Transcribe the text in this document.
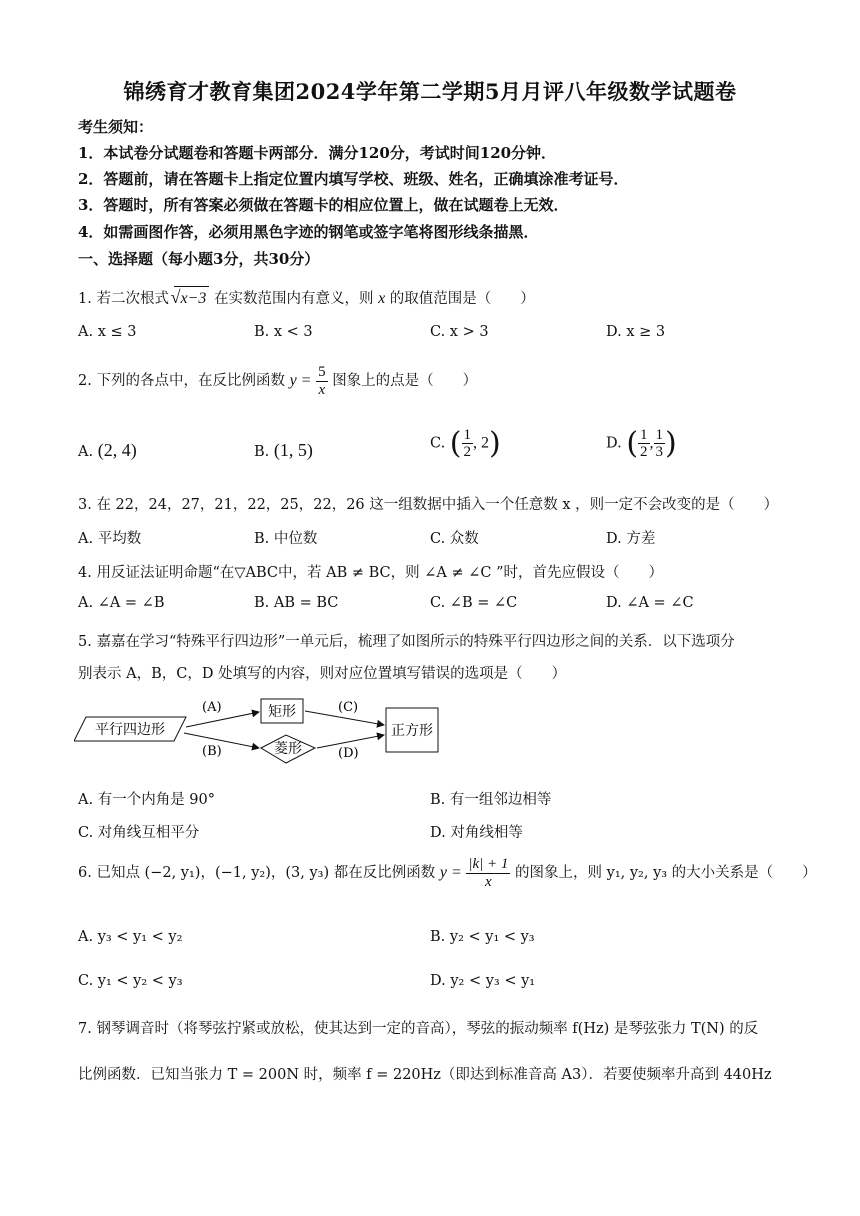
锦绣育才教育集团2024学年第二学期5月月评八年级数学试题卷
考生须知：
1．本试卷分试题卷和答题卡两部分．满分120分，考试时间120分钟．
2．答题前，请在答题卡上指定位置内填写学校、班级、姓名，正确填涂准考证号．
3．答题时，所有答案必须做在答题卡的相应位置上，做在试题卷上无效．
4．如需画图作答，必须用黑色字迹的钢笔或签字笔将图形线条描黑．
一、选择题（每小题3分，共30分）
1. 若二次根式 √x−3 在实数范围内有意义，则 x 的取值范围是（　　）
A. x ≤ 3	B. x < 3	C. x > 3	D. x ≥ 3
2. 下列的各点中，在反比例函数 $y = \frac{5}{x}$ 图象上的点是（　　）
A. (2, 4)	B. (1, 5)	C. ( $\frac{1}{2}$ , 2)	D. ( $\frac{1}{2}$ , $\frac{1}{3}$ )
3. 在 22，24，27，21，22，25，22，26 这一组数据中插入一个任意数 x ，则一定不会改变的是（　　）
A. 平均数	B. 中位数	C. 众数	D. 方差
4. 用反证法证明命题“在▽ABC中，若 AB ≠ BC，则 ∠A ≠ ∠C ”时，首先应假设（　　）
A. ∠A = ∠B	B. AB = BC	C. ∠B = ∠C	D. ∠A = ∠C
5. 嘉嘉在学习“特殊平行四边形”一单元后，梳理了如图所示的特殊平行四边形之间的关系．以下选项分
别表示 A，B，C，D 处填写的内容，则对应位置填写错误的选项是（　　）
平行四边形
矩形
菱形
正方形
(A)
(B)
(C)
(D)
A. 有一个内角是 90°	B. 有一组邻边相等
C. 对角线互相平分	D. 对角线相等
6. 已知点 (−2, y₁)，(−1, y₂)，(3, y₃) 都在反比例函数 $y = \frac{|k| + 1}{x}$ 的图象上，则 y₁, y₂, y₃ 的大小关系是（　　）
A. y₃ < y₁ < y₂	B. y₂ < y₁ < y₃
C. y₁ < y₂ < y₃	D. y₂ < y₃ < y₁
7. 钢琴调音时（将琴弦拧紧或放松，使其达到一定的音高），琴弦的振动频率 f(Hz) 是琴弦张力 T(N) 的反
比例函数．已知当张力 T = 200N 时，频率 f = 220Hz（即达到标准音高 A3）．若要使频率升高到 440Hz
